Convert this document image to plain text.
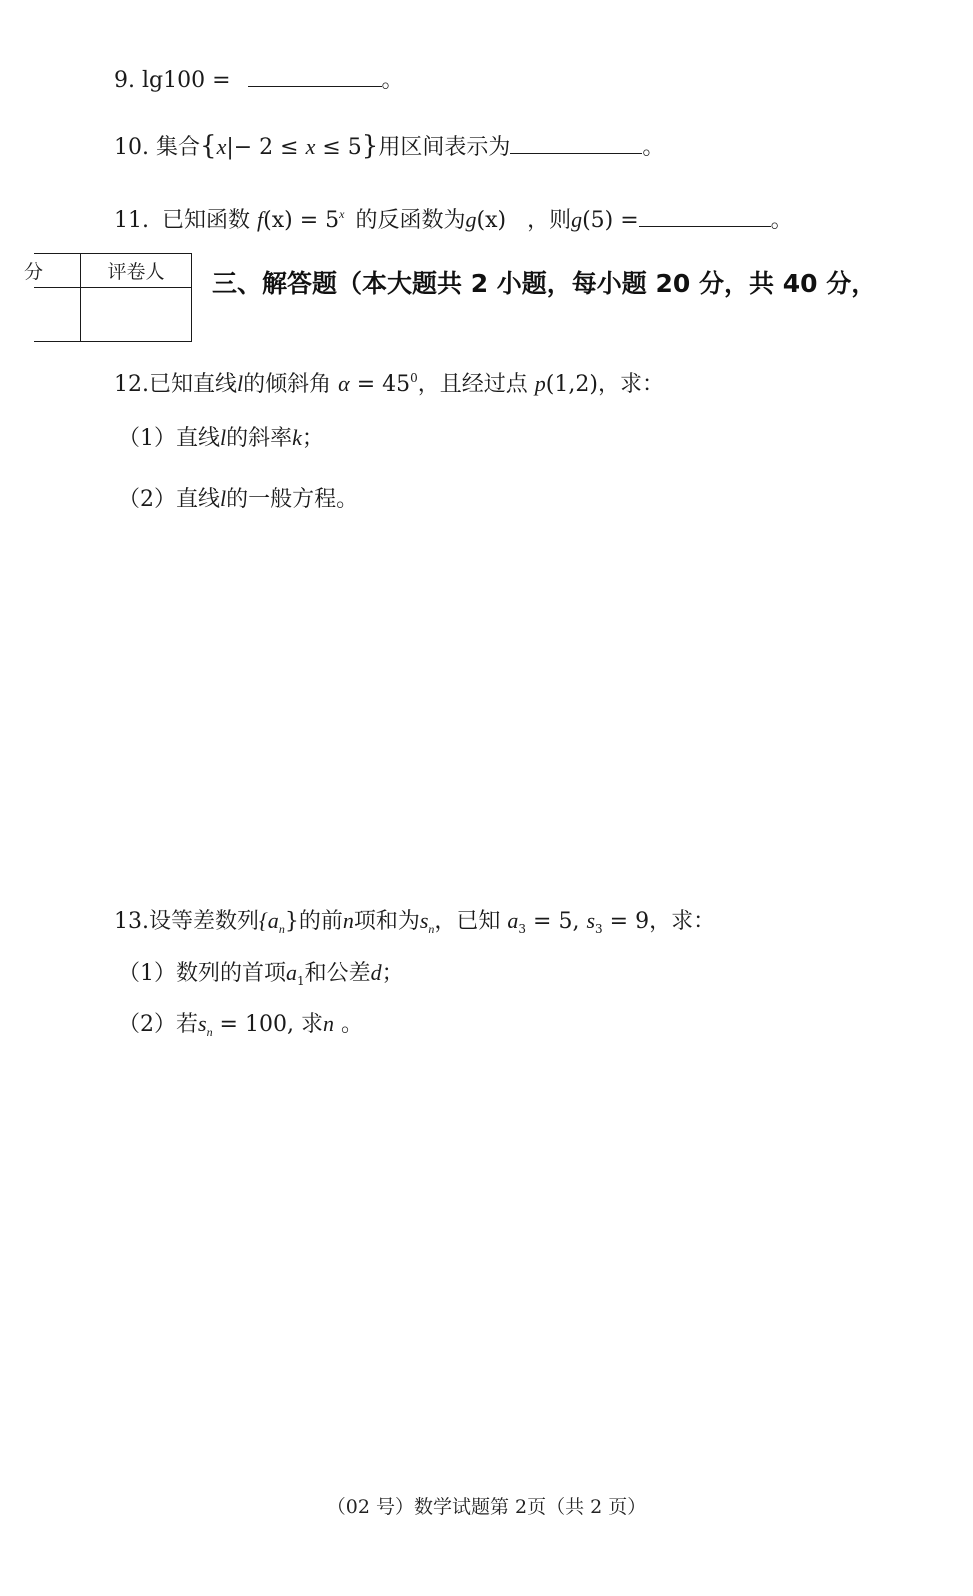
9. lg100 =	。
10. 集合{x|− 2 ≤ x ≤ 5}用区间表示为	。
11. 已知函数 $f(x) = 5^x$ 的反函数为g(x) ，则g(5) =	。
分	评卷人
	三、解答题（本大题共 2 小题，每小题 20 分，共 40 分，
12.已知直线l的倾斜角 $\alpha = 45^0$，且经过点 p(1,2)，求：
（1）直线l的斜率k；
（2）直线l的一般方程。
13.设等差数列$\{a_n\}$的前n项和为$s_n$，已知 $a_3 = 5$, $s_3 = 9$，求：
（1）数列的首项$a_1$和公差d；
（2）若$s_n = 100$, 求n 。
（02 号）数学试题第 2页（共 2 页）
